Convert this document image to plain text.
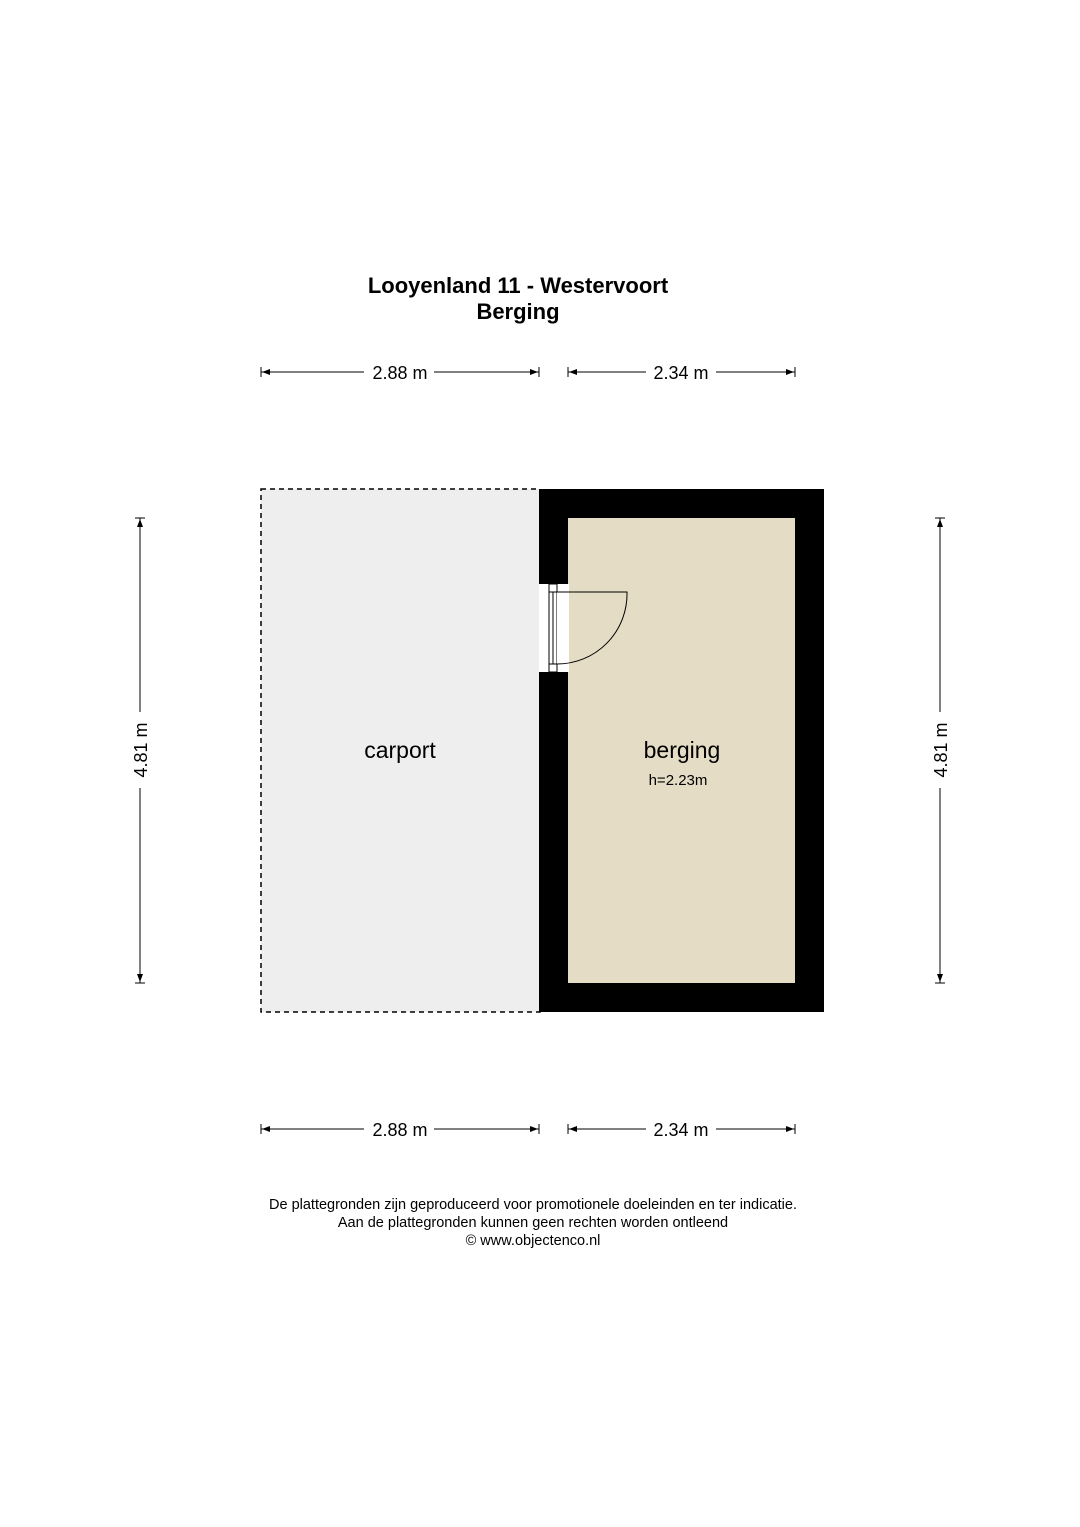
Looyenland 11 - Westervoort
Berging
2.88 m	2.34 m
2.88 m	2.34 m
4.81 m	4.81 m
carport	berging
h=2.23m
De plattegronden zijn geproduceerd voor promotionele doeleinden en ter indicatie.
Aan de plattegronden kunnen geen rechten worden ontleend
© www.objectenco.nl
